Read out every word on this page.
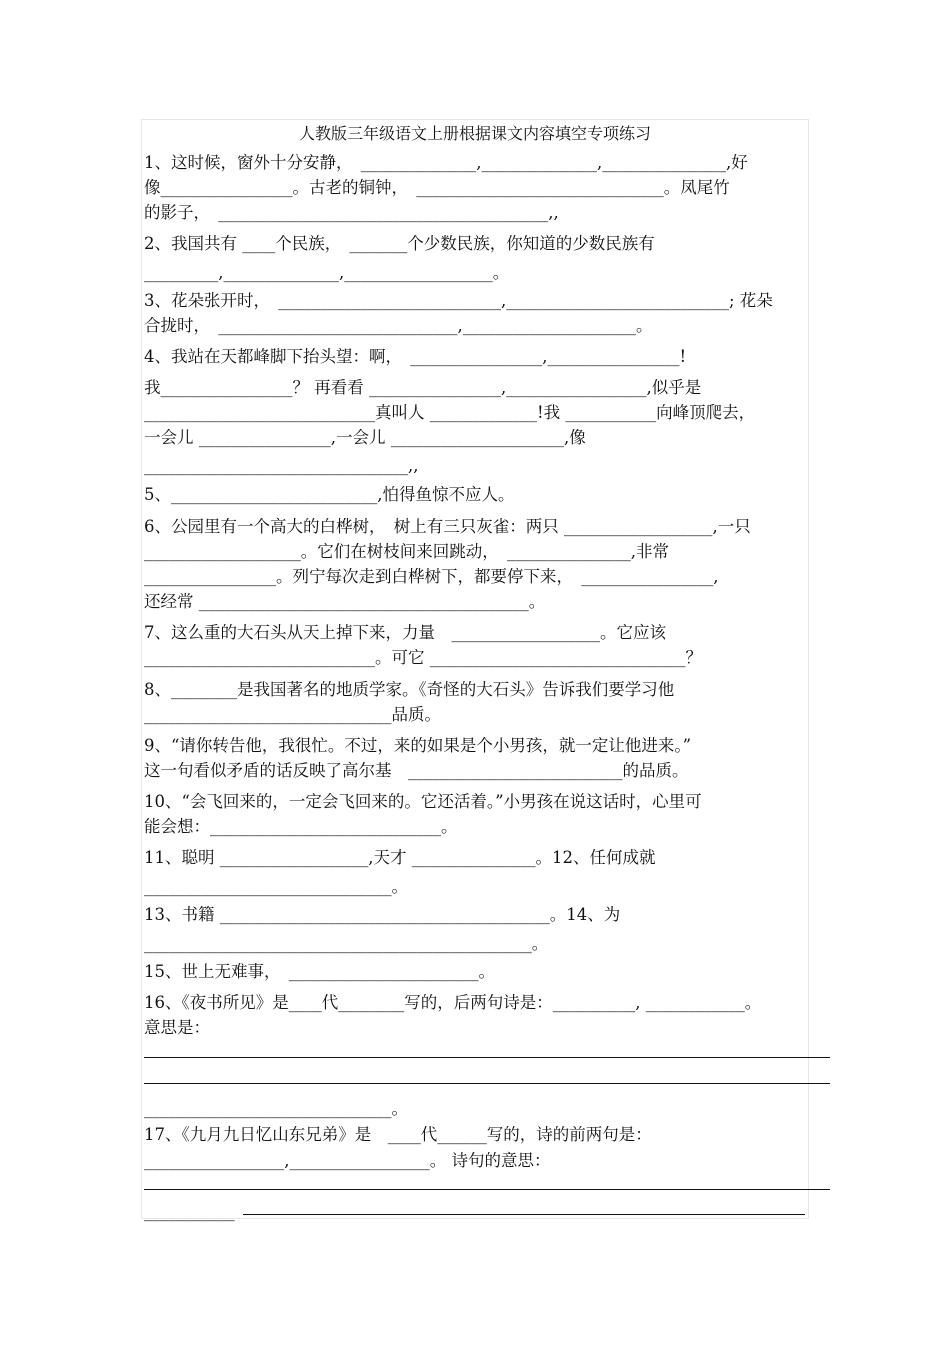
人教版三年级语文上册根据课文内容填空专项练习
1、这时候，窗外十分安静，　______________,______________,_______________,好
像________________。古老的铜钟，　______________________________。凤尾竹
的影子，　________________________________________,,
2、我国共有 ____个民族，　_______个少数民族，你知道的少数民族有
_________,______________,__________________。
3、花朵张开时，　___________________________,___________________________; 花朵
合拢时，　_____________________________,_____________________。
4、我站在天都峰脚下抬头望：啊，　________________,________________!
我________________？ 再看看 ________________,_________________,似乎是
____________________________真叫人 _____________!我 ___________向峰顶爬去，
一会儿 ________________,一会儿 _____________________,像
________________________________,,
5、_________________________,怕得鱼惊不应人。
6、公园里有一个高大的白桦树，　树上有三只灰雀：两只 __________________,一只
___________________。它们在树枝间来回跳动，　_______________,非常
________________。列宁每次走到白桦树下，都要停下来，　________________,
还经常 ________________________________________。
7、这么重的大石头从天上掉下来，力量　__________________。它应该
____________________________。可它 _______________________________？
8、________是我国著名的地质学家。《奇怪的大石头》告诉我们要学习他
______________________________品质。
9、“请你转告他，我很忙。不过，来的如果是个小男孩，就一定让他进来。”
这一句看似矛盾的话反映了高尔基　__________________________的品质。
10、“会飞回来的，一定会飞回来的。它还活着。”小男孩在说这话时，心里可
能会想：____________________________。
11、聪明 __________________,天才 _______________。12、任何成就
______________________________。
13、书籍 ________________________________________。14、为
_______________________________________________。
15、世上无难事，　_______________________。
16、《夜书所见》是____代________写的，后两句诗是：__________, ____________。
意思是：
______________________________。
17、《九月九日忆山东兄弟》是　____代______写的，诗的前两句是：
_________________,_________________。 诗句的意思：
___________
